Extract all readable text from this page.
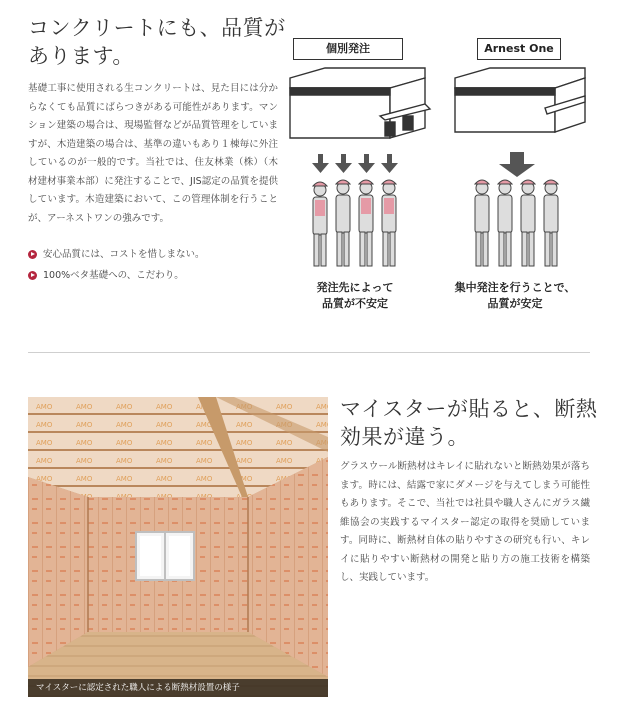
コンクリートにも、品質があります。

基礎工事に使用される生コンクリートは、見た目には分からなくても品質にばらつきがある可能性があります。マンション建築の場合は、現場監督などが品質管理をしていますが、木造建築の場合は、基準の違いもあり１棟毎に外注しているのが一般的です。当社では、住友林業（株）（木材建材事業本部）に発注することで、JIS認定の品質を提供しています。木造建築において、この管理体制を行うことが、アーネストワンの強みです。

安心品質には、コストを惜しまない。
100%ベタ基礎への、こだわり。
個別発注	Arnest One
発注先によって
品質が不安定
集中発注を行うことで、
品質が安定
マイスターに認定された職人による断熱材設置の様子
マイスターが貼ると、断熱効果が違う。

グラスウール断熱材はキレイに貼れないと断熱効果が落ちます。時には、結露で家にダメージを与えてしまう可能性もあります。そこで、当社では社員や職人さんにガラス繊維協会の実践するマイスター認定の取得を奨励しています。同時に、断熱材自体の貼りやすさの研究も行い、キレイに貼りやすい断熱材の開発と貼り方の施工技術を構築し、実践しています。
